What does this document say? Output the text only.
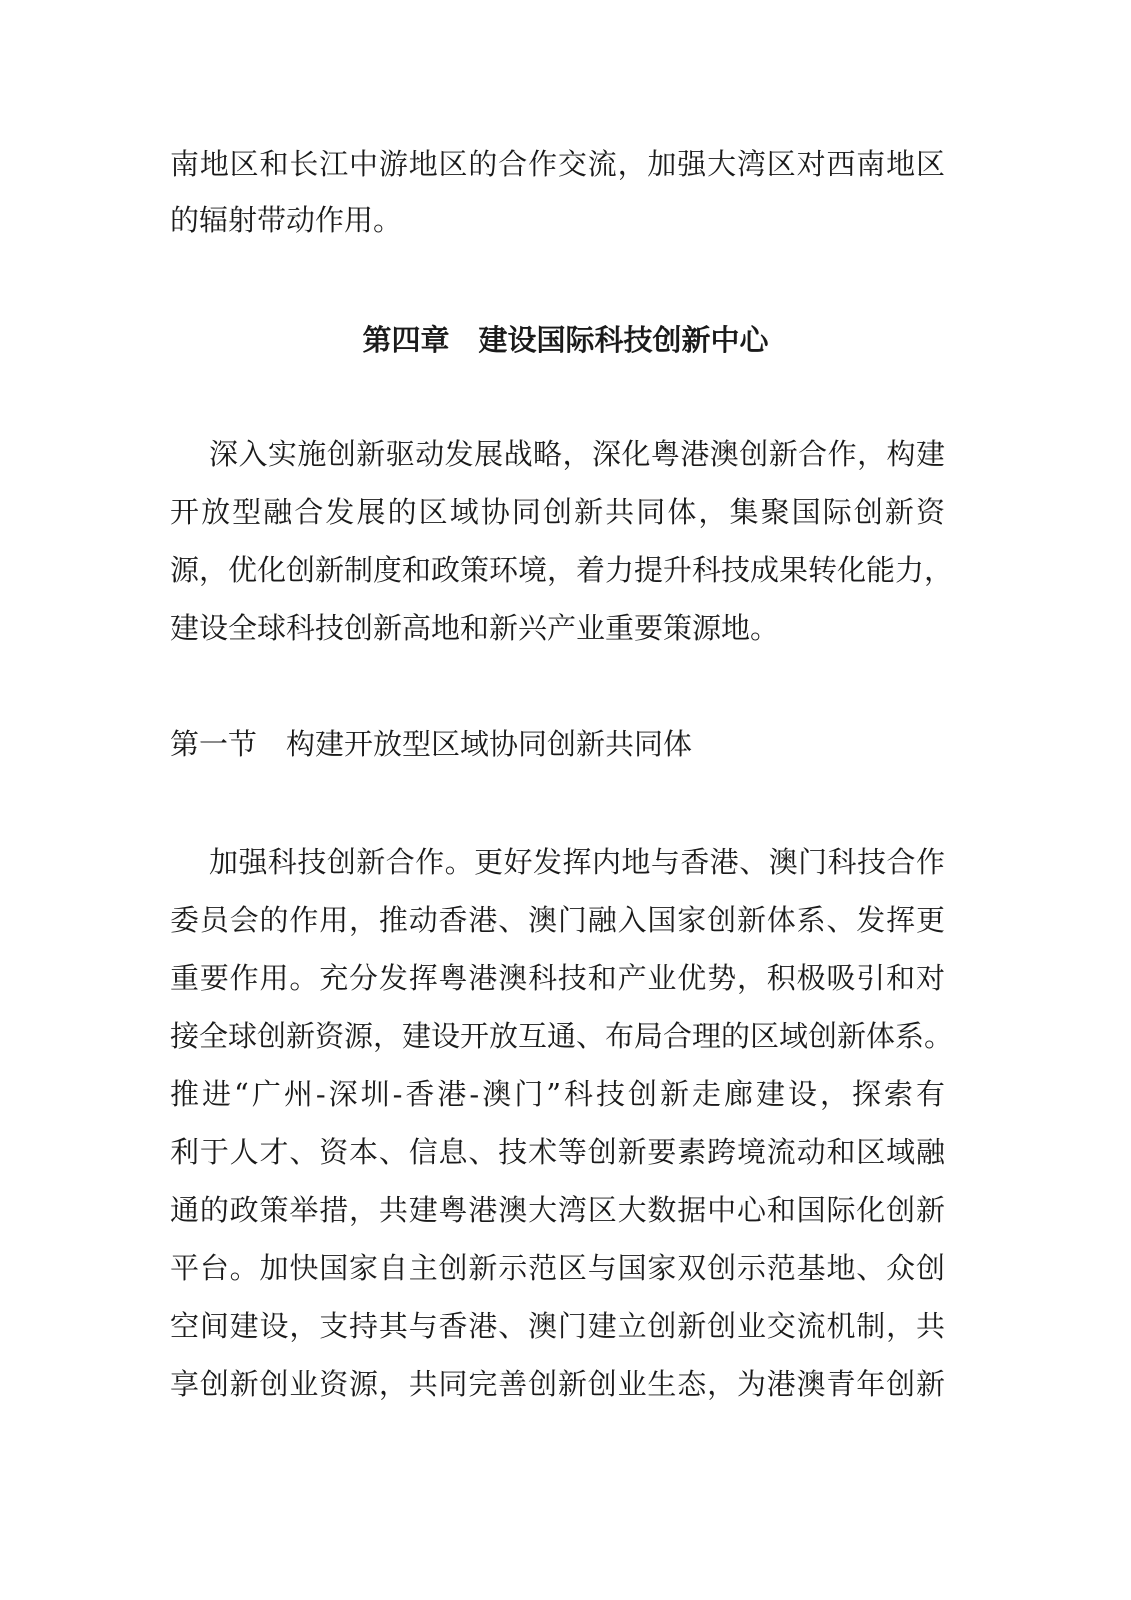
南地区和长江中游地区的合作交流，加强大湾区对西南地区
的辐射带动作用。
第四章　建设国际科技创新中心
深入实施创新驱动发展战略，深化粤港澳创新合作，构建
开放型融合发展的区域协同创新共同体，集聚国际创新资
源，优化创新制度和政策环境，着力提升科技成果转化能力，
建设全球科技创新高地和新兴产业重要策源地。
第一节　构建开放型区域协同创新共同体
加强科技创新合作。更好发挥内地与香港、澳门科技合作
委员会的作用，推动香港、澳门融入国家创新体系、发挥更
重要作用。充分发挥粤港澳科技和产业优势，积极吸引和对
接全球创新资源，建设开放互通、布局合理的区域创新体系。
推进“广州-深圳-香港-澳门”科技创新走廊建设，探索有
利于人才、资本、信息、技术等创新要素跨境流动和区域融
通的政策举措，共建粤港澳大湾区大数据中心和国际化创新
平台。加快国家自主创新示范区与国家双创示范基地、众创
空间建设，支持其与香港、澳门建立创新创业交流机制，共
享创新创业资源，共同完善创新创业生态，为港澳青年创新
